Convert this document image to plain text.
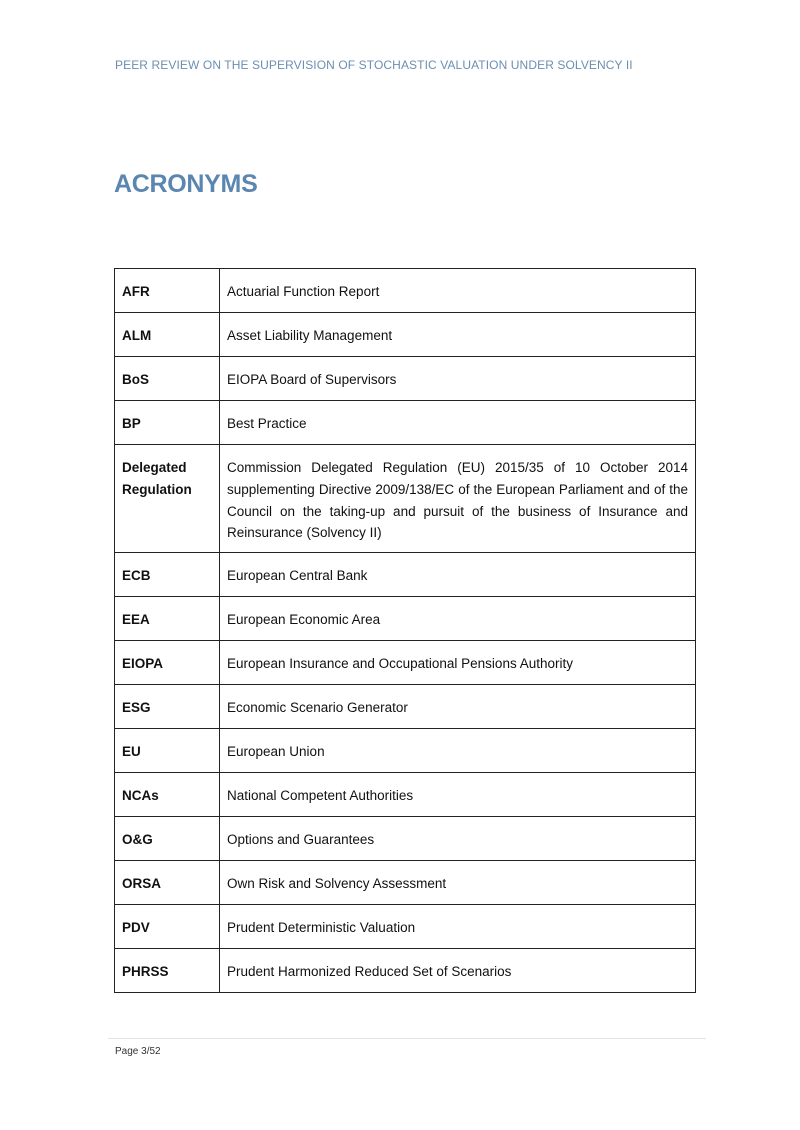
PEER REVIEW ON THE SUPERVISION OF STOCHASTIC VALUATION UNDER SOLVENCY II
ACRONYMS
AFR	Actuarial Function Report
ALM	Asset Liability Management
BoS	EIOPA Board of Supervisors
BP	Best Practice
Delegated Regulation	Commission Delegated Regulation (EU) 2015/35 of 10 October 2014 supplementing Directive 2009/138/EC of the European Parliament and of the Council on the taking-up and pursuit of the business of Insurance and Reinsurance (Solvency II)
ECB	European Central Bank
EEA	European Economic Area
EIOPA	European Insurance and Occupational Pensions Authority
ESG	Economic Scenario Generator
EU	European Union
NCAs	National Competent Authorities
O&G	Options and Guarantees
ORSA	Own Risk and Solvency Assessment
PDV	Prudent Deterministic Valuation
PHRSS	Prudent Harmonized Reduced Set of Scenarios
Page 3/52
